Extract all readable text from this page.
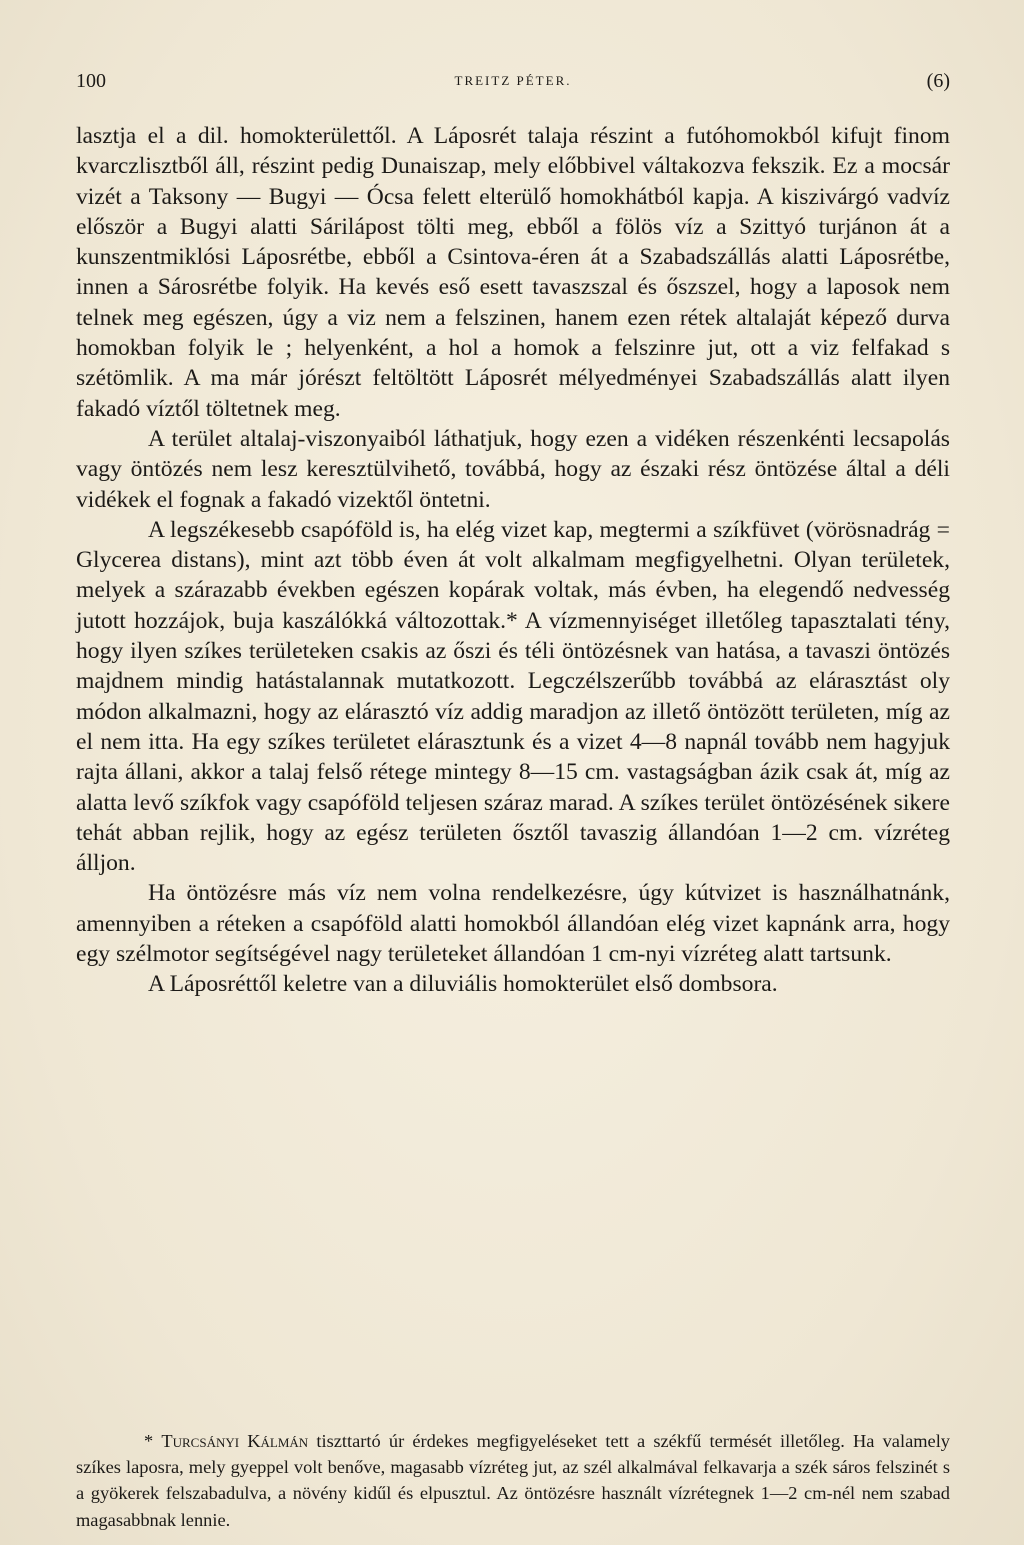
100	TREITZ PÉTER.	(6)

lasztja el a dil. homokterülettől. A Láposrét talaja részint a futóhomokból kifujt finom kvarczlisztből áll, részint pedig Dunaiszap, mely előbbivel váltakozva fekszik. Ez a mocsár vizét a Taksony — Bugyi — Ócsa felett elterülő homokhátból kapja. A kiszivárgó vadvíz először a Bugyi alatti Sárilápost tölti meg, ebből a fölös víz a Szittyó turjánon át a kunszentmiklósi Láposrétbe, ebből a Csintova-éren át a Szabadszállás alatti Láposrétbe, innen a Sárosrétbe folyik. Ha kevés eső esett tavaszszal és őszszel, hogy a laposok nem telnek meg egészen, úgy a viz nem a felszinen, hanem ezen rétek altalaját képező durva homokban folyik le ; helyenként, a hol a homok a felszinre jut, ott a viz felfakad s szétömlik. A ma már jórészt feltöltött Láposrét mélyedményei Szabadszállás alatt ilyen fakadó víztől töltetnek meg.

A terület altalaj-viszonyaiból láthatjuk, hogy ezen a vidéken részenkénti lecsapolás vagy öntözés nem lesz keresztülvihető, továbbá, hogy az északi rész öntözése által a déli vidékek el fognak a fakadó vizektől öntetni.

A legszékesebb csapóföld is, ha elég vizet kap, megtermi a szíkfüvet (vörösnadrág = Glycerea distans), mint azt több éven át volt alkalmam megfigyelhetni. Olyan területek, melyek a szárazabb években egészen kopárak voltak, más évben, ha elegendő nedvesség jutott hozzájok, buja kaszálókká változottak.* A vízmennyiséget illetőleg tapasztalati tény, hogy ilyen szíkes területeken csakis az őszi és téli öntözésnek van hatása, a tavaszi öntözés majdnem mindig hatástalannak mutatkozott. Legczélszerűbb továbbá az elárasztást oly módon alkalmazni, hogy az elárasztó víz addig maradjon az illető öntözött területen, míg az el nem itta. Ha egy szíkes területet elárasztunk és a vizet 4—8 napnál tovább nem hagyjuk rajta állani, akkor a talaj felső rétege mintegy 8—15 cm. vastagságban ázik csak át, míg az alatta levő szíkfok vagy csapóföld teljesen száraz marad. A szíkes terület öntözésének sikere tehát abban rejlik, hogy az egész területen ősztől tavaszig állandóan 1—2 cm. vízréteg álljon.

Ha öntözésre más víz nem volna rendelkezésre, úgy kútvizet is használhatnánk, amennyiben a réteken a csapóföld alatti homokból állandóan elég vizet kapnánk arra, hogy egy szélmotor segítségével nagy területeket állandóan 1 cm-nyi vízréteg alatt tartsunk.

A Láposréttől keletre van a diluviális homokterület első dombsora.

* Turcsányi Kálmán tiszttartó úr érdekes megfigyeléseket tett a székfű termését illetőleg. Ha valamely szíkes laposra, mely gyeppel volt benőve, magasabb vízréteg jut, az szél alkalmával felkavarja a szék sáros felszinét s a gyökerek felszabadulva, a növény kidűl és elpusztul. Az öntözésre használt vízrétegnek 1—2 cm-nél nem szabad magasabbnak lennie.
